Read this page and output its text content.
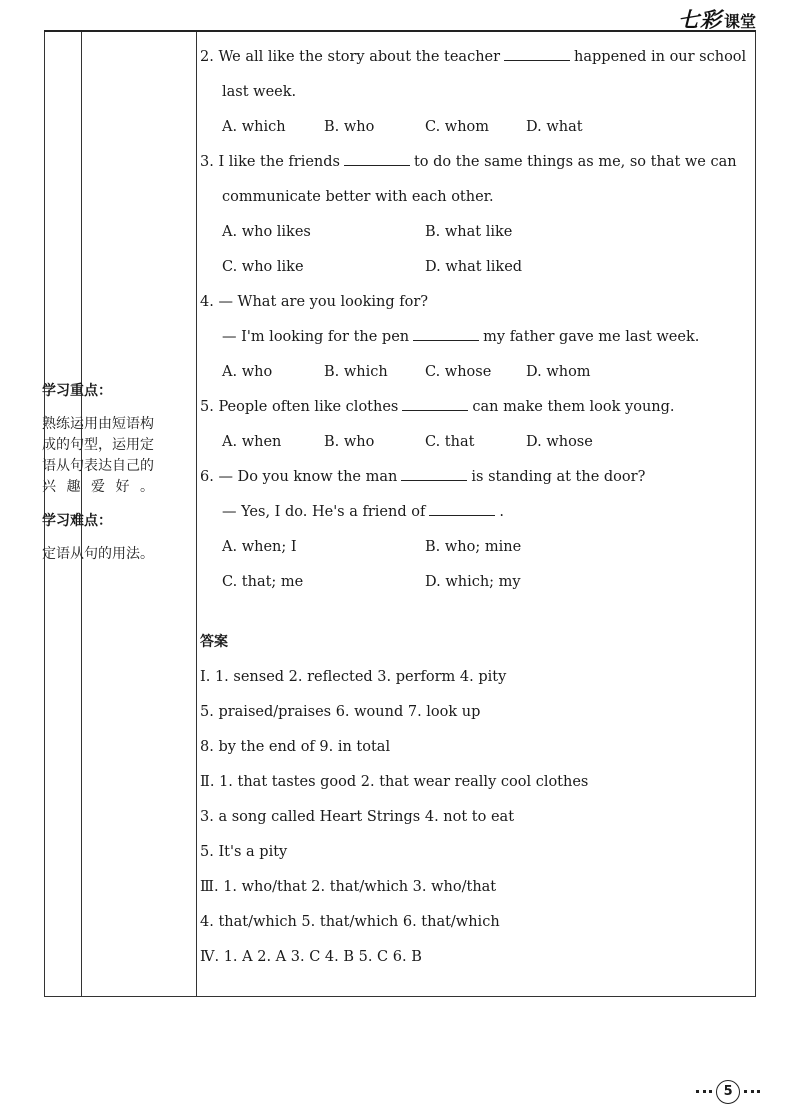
七彩 课堂
学习重点：
熟练运用由短语构成的句型，运用定语从句表达自己的兴趣爱好。
学习难点：
定语从句的用法。
2. We all like the story about the teacher	happened in our school
last week.
A. which	B. who	C. whom	D. what
3. I like the friends	to do the same things as me, so that we can
communicate better with each other.
A. who likes	B. what like
C. who like	D. what liked
4. — What are you looking for?
— I'm looking for the pen	my father gave me last week.
A. who	B. which	C. whose D. whom
5. People often like clothes	can make them look young.
A. when	B. who	C. that	D. whose
6. — Do you know the man	is standing at the door?
— Yes, I do. He's a friend of	.
A. when; I	B. who; mine
C. that; me	D. which; my
答案
Ⅰ. 1. sensed 2. reflected 3. perform 4. pity
5. praised/praises 6. wound 7. look up
8. by the end of 9. in total
Ⅱ. 1. that tastes good 2. that wear really cool clothes
3. a song called Heart Strings 4. not to eat
5. It's a pity
Ⅲ. 1. who/that 2. that/which 3. who/that
4. that/which 5. that/which 6. that/which
Ⅳ. 1. A 2. A 3. C 4. B 5. C 6. B
5
